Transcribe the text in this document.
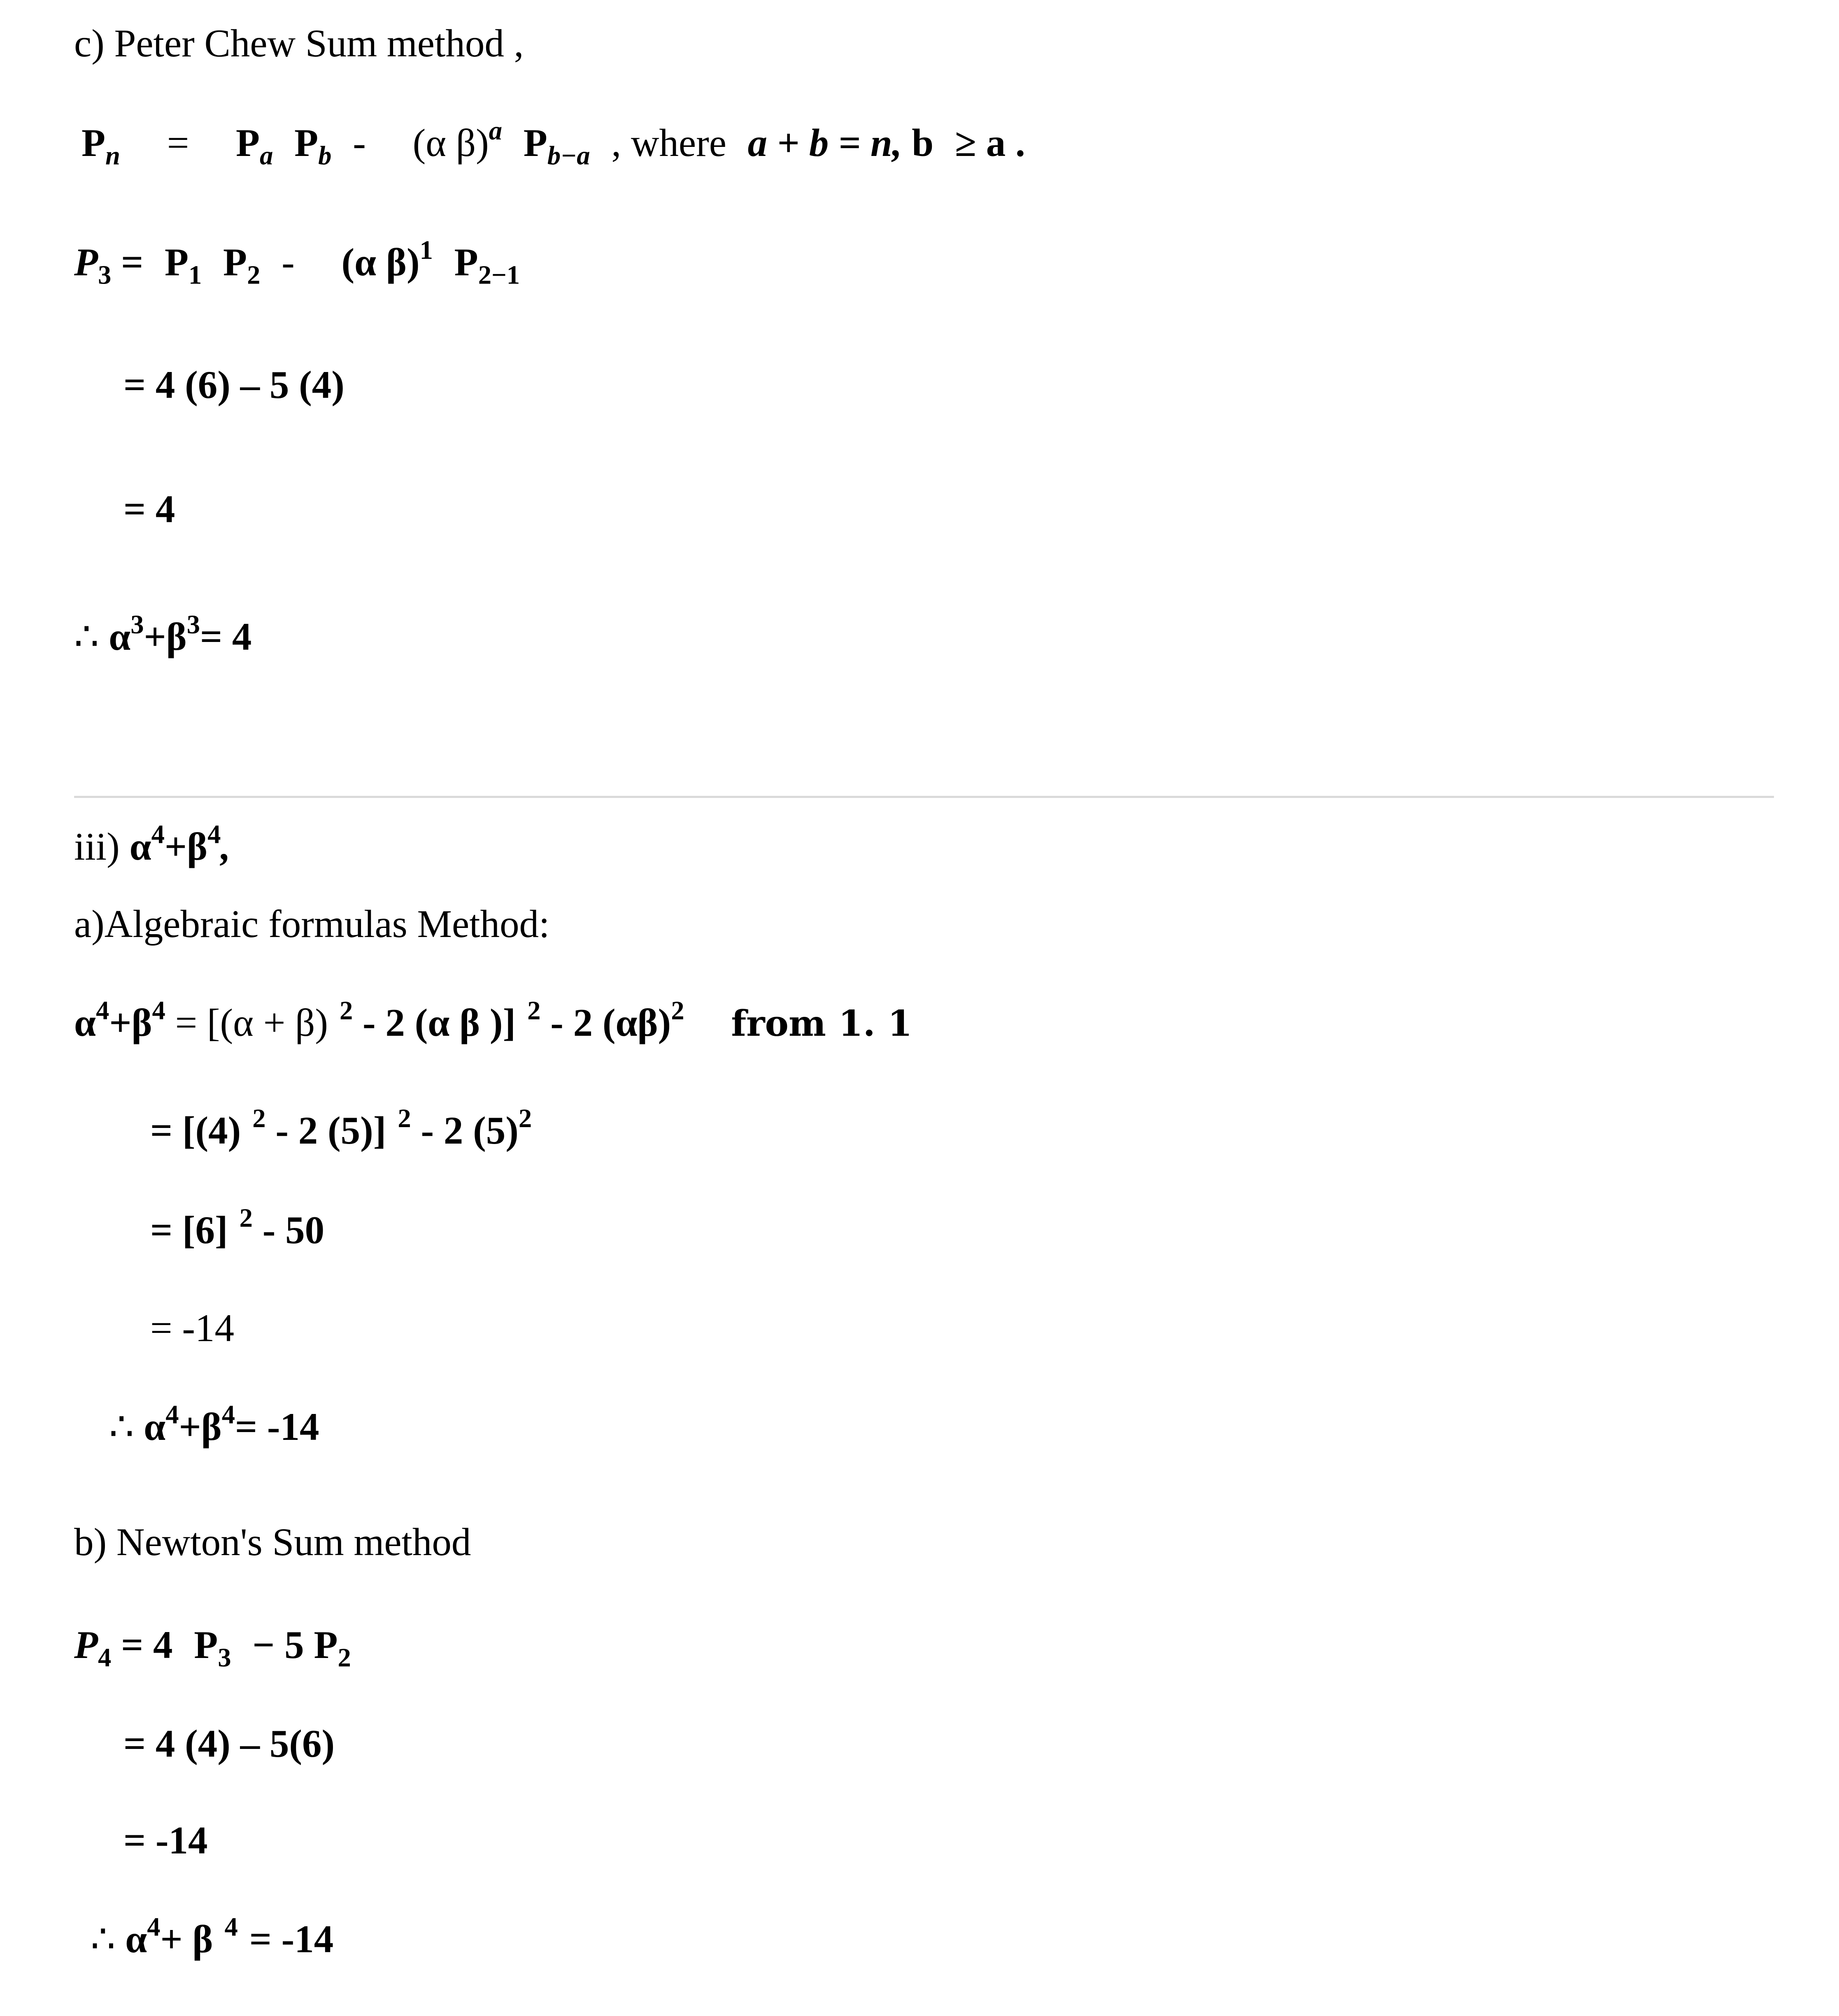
c) Peter Chew Sum method ,
$P_n = P_a$ $P_b - (\alpha$ β)$^a$ $P_{b-a}$ , where a + b = n, b ≥ a .
$P_3 = P_1$ $P_2 - (\alpha$ β)$^1$ $P_{2-1}$
= 4 (6) – 5 (4)
= 4
∴ $\alpha^3+\beta^3= 4$
iii) $\alpha^4+\beta^4$,
a)Algebraic formulas Method:
$\alpha^4+\beta^4 = [(\alpha + \beta)$ $^2$ - 2 (α β )] $^2$ - 2 $(\alpha\beta)^2$ from 1. 1
= [(4) $^2$ - 2 (5)] $^2$ - 2 $(5)^2$
= [6] $^2$ - 50
= -14
∴ $\alpha^4+\beta^4= -14$
b) Newton's Sum method
$P_4 = 4$ $P_3 - 5$ $P_2$
= 4 (4) – 5(6)
= -14
∴ $\alpha^4+ \beta$ $^4$ = -14
